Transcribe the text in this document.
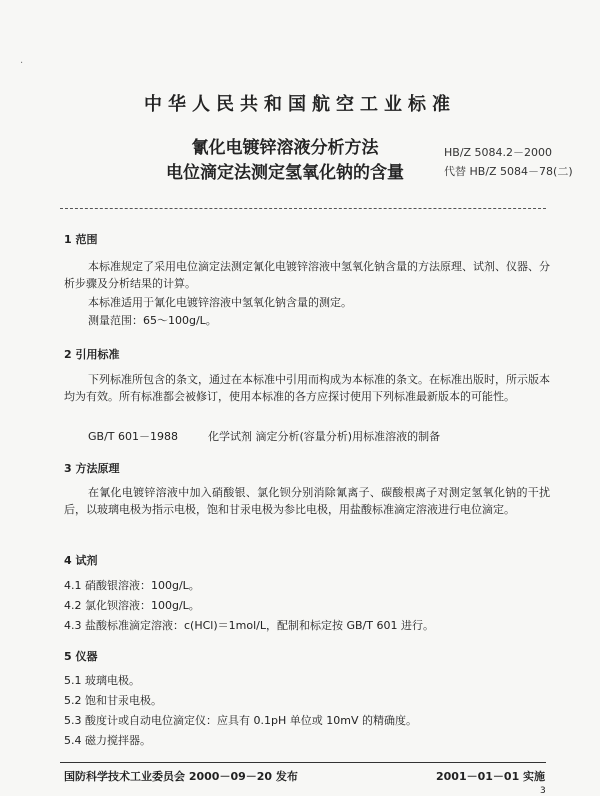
·
中华人民共和国航空工业标准
氰化电镀锌溶液分析方法
电位滴定法测定氢氧化钠的含量
HB/Z 5084.2－2000
代替 HB/Z 5084－78(二)
1 范围
本标准规定了采用电位滴定法测定氰化电镀锌溶液中氢氧化钠含量的方法原理、试剂、仪器、分析步骤及分析结果的计算。
本标准适用于氰化电镀锌溶液中氢氧化钠含量的测定。
测量范围：65～100g/L。
2 引用标准
下列标准所包含的条文，通过在本标准中引用而构成为本标准的条文。在标准出版时，所示版本均为有效。所有标准都会被修订，使用本标准的各方应探讨使用下列标准最新版本的可能性。
GB/T 601－1988	化学试剂 滴定分析(容量分析)用标准溶液的制备
3 方法原理
在氰化电镀锌溶液中加入硝酸银、氯化钡分别消除氰离子、碳酸根离子对测定氢氧化钠的干扰后，以玻璃电极为指示电极，饱和甘汞电极为参比电极，用盐酸标准滴定溶液进行电位滴定。
4 试剂
4.1 硝酸银溶液：100g/L。
4.2 氯化钡溶液：100g/L。
4.3 盐酸标准滴定溶液：c(HCl)＝1mol/L，配制和标定按 GB/T 601 进行。
5 仪器
5.1 玻璃电极。
5.2 饱和甘汞电极。
5.3 酸度计或自动电位滴定仪：应具有 0.1pH 单位或 10mV 的精确度。
5.4 磁力搅拌器。
国防科学技术工业委员会 2000－09－20 发布	2001－01－01 实施
3
